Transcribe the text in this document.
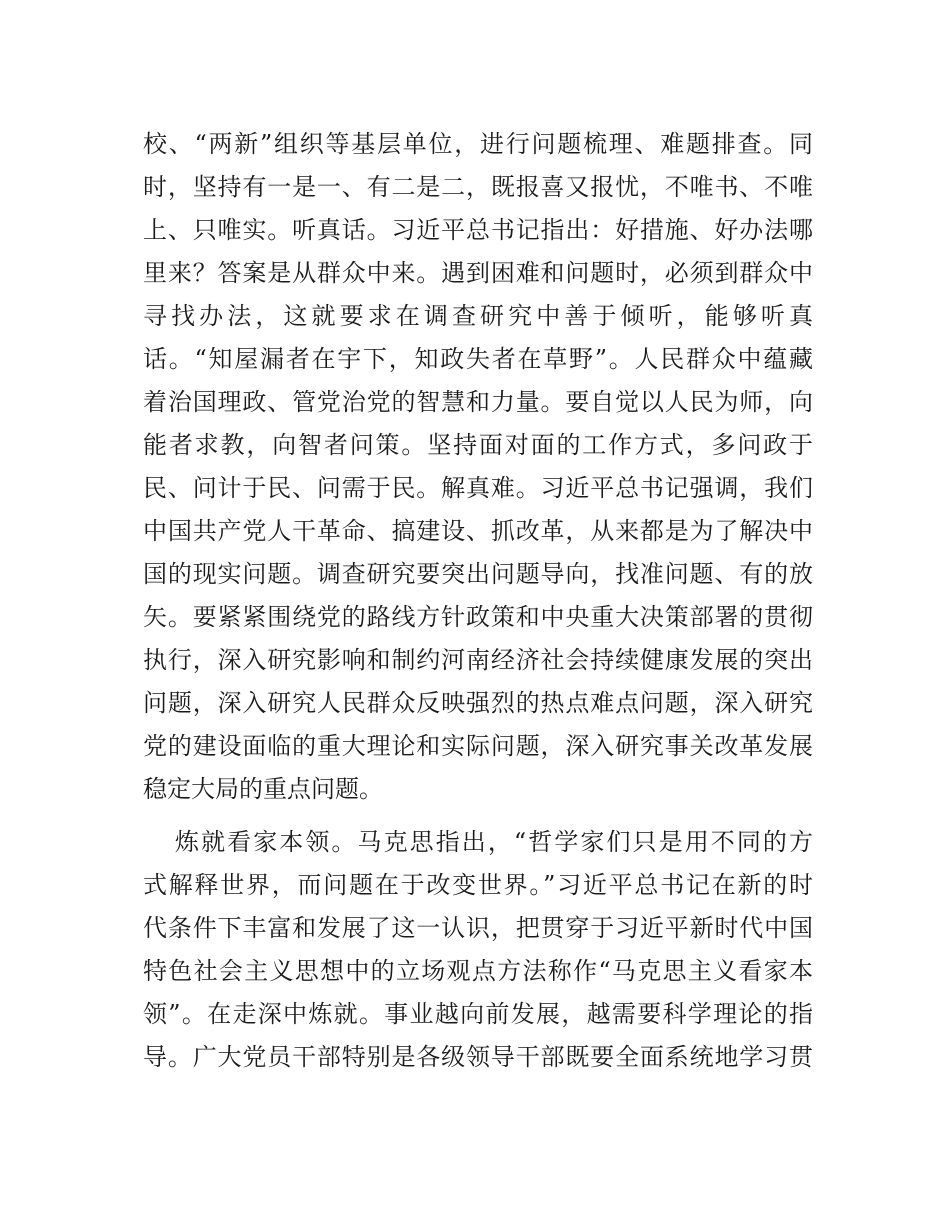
校、“两新”组织等基层单位，进行问题梳理、难题排查。同
时，坚持有一是一、有二是二，既报喜又报忧，不唯书、不唯
上、只唯实。听真话。习近平总书记指出：好措施、好办法哪
里来？答案是从群众中来。遇到困难和问题时，必须到群众中
寻找办法，这就要求在调查研究中善于倾听，能够听真
话。“知屋漏者在宇下，知政失者在草野”。人民群众中蕴藏
着治国理政、管党治党的智慧和力量。要自觉以人民为师，向
能者求教，向智者问策。坚持面对面的工作方式，多问政于
民、问计于民、问需于民。解真难。习近平总书记强调，我们
中国共产党人干革命、搞建设、抓改革，从来都是为了解决中
国的现实问题。调查研究要突出问题导向，找准问题、有的放
矢。要紧紧围绕党的路线方针政策和中央重大决策部署的贯彻
执行，深入研究影响和制约河南经济社会持续健康发展的突出
问题，深入研究人民群众反映强烈的热点难点问题，深入研究
党的建设面临的重大理论和实际问题，深入研究事关改革发展
稳定大局的重点问题。
炼就看家本领。马克思指出，“哲学家们只是用不同的方
式解释世界，而问题在于改变世界。”习近平总书记在新的时
代条件下丰富和发展了这一认识，把贯穿于习近平新时代中国
特色社会主义思想中的立场观点方法称作“马克思主义看家本
领”。在走深中炼就。事业越向前发展，越需要科学理论的指
导。广大党员干部特别是各级领导干部既要全面系统地学习贯
